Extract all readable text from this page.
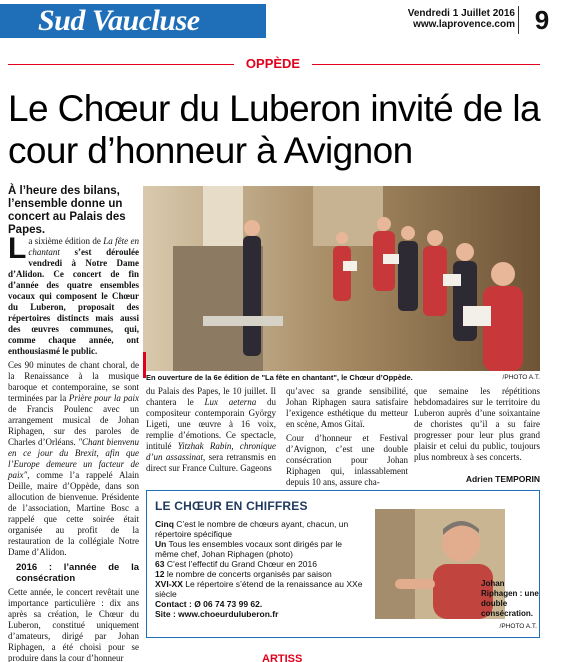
Sud Vaucluse	Vendredi 1 Juillet 2016
www.laprovence.com 9
OPPÈDE
Le Chœur du Luberon invité de la cour d’honneur à Avignon
À l’heure des bilans, l’ensemble donne un concert au Palais des Papes.
En ouverture de la 6e édition de "La fête en chantant", le Chœur d’Oppède.	/PHOTO A.T.

La sixième édition de La fête en chantant s’est déroulée vendredi à Notre Dame d’Alidon. Ce concert de fin d’année des quatre ensembles vocaux qui composent le Chœur du Luberon, proposait des répertoires distincts mais aussi des œuvres communes, qui, comme chaque année, ont enthousiasmé le public.

Ces 90 minutes de chant choral, de la Renaissance à la musique baroque et contemporaine, se sont terminées par la Prière pour la paix de Francis Poulenc avec un arrangement musical de Johan Riphagen, sur des paroles de Charles d’Orléans. "Chant bienvenu en ce jour du Brexit, afin que l’Europe demeure un facteur de paix", comme l’a rappelé Alain Deille, maire d’Oppède, dans son allocution de bienvenue. Présidente de l’association, Martine Bosc a rappelé que cette soirée était organisée au profit de la restauration de la collégiale Notre Dame d’Alidon.

2016 : l’année de la consécration

Cette année, le concert revêtait une importance particulière : dix ans après sa création, le Chœur du Luberon, constitué uniquement d’amateurs, dirigé par Johan Riphagen, a été choisi pour se produire dans la cour d’honneur

du Palais des Papes, le 10 juillet. Il chantera le Lux aeterna du compositeur contemporain György Ligeti, une œuvre à 16 voix, remplie d’émotions. Ce spectacle, intitulé Yitzhak Rabin, chronique d’un assassinat, sera retransmis en direct sur France Culture. Gageons

qu’avec sa grande sensibilité, Johan Riphagen saura satisfaire l’exigence esthétique du metteur en scène, Amos Gitaï.

Cour d’honneur et Festival d’Avignon, c’est une double consécration pour Johan Riphagen qui, inlassablement depuis 10 ans, assure cha-

que semaine les répétitions hebdomadaires sur le territoire du Luberon auprès d’une soixantaine de choristes qu’il a su faire progresser pour leur plus grand plaisir et celui du public, toujours plus nombreux à ses concerts.

Adrien TEMPORIN
LE CHŒUR EN CHIFFRES
Cinq C’est le nombre de chœurs ayant, chacun, un répertoire spécifique
Un Tous les ensembles vocaux sont dirigés par le même chef, Johan Riphagen (photo)
63 C’est l’effectif du Grand Chœur en 2016
12 le nombre de concerts organisés par saison
XVI-XX Le répertoire s’étend de la renaissance au XXe siècle
Contact : Ø 06 74 73 99 62.
Site : www.choeurduluberon.fr
Johan Riphagen : une double consécration.
/PHOTO A.T.
ARTISS
